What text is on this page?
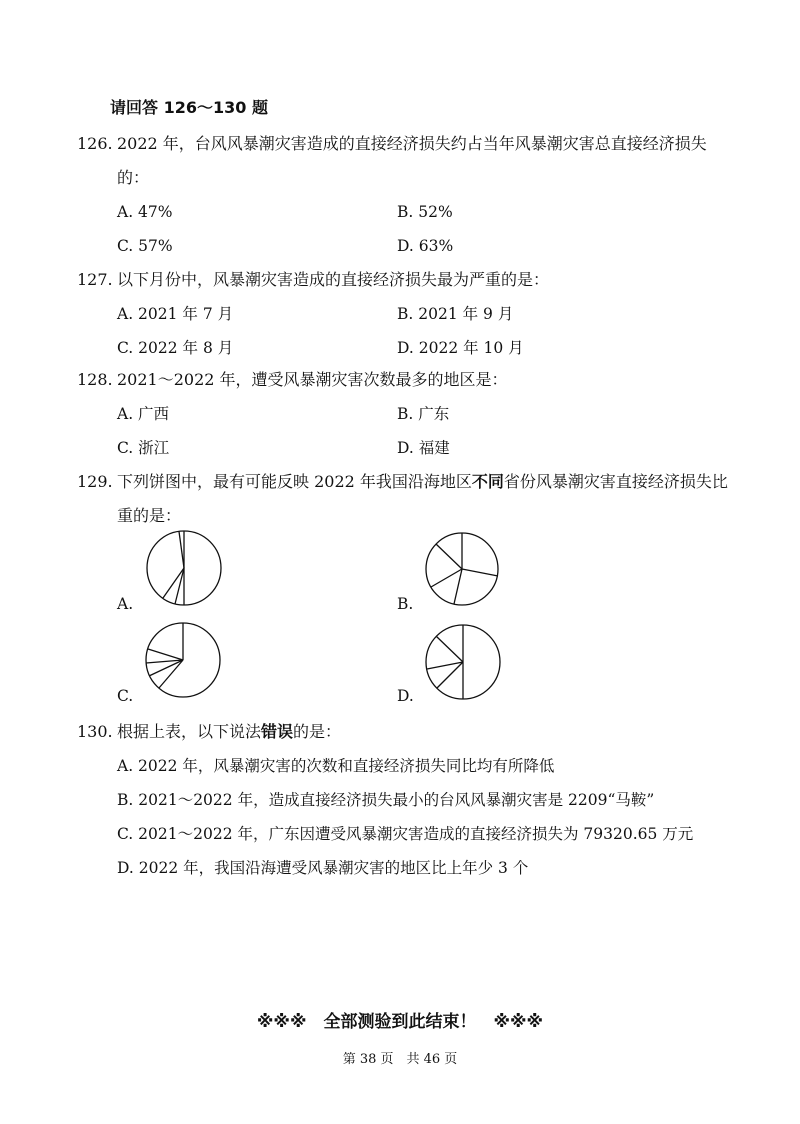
请回答 126～130 题
126. 2022 年，台风风暴潮灾害造成的直接经济损失约占当年风暴潮灾害总直接经济损失
的：
A. 47%	B. 52%
C. 57%	D. 63%
127. 以下月份中，风暴潮灾害造成的直接经济损失最为严重的是：
A. 2021 年 7 月	B. 2021 年 9 月
C. 2022 年 8 月	D. 2022 年 10 月
128. 2021～2022 年，遭受风暴潮灾害次数最多的地区是：
A. 广西	B. 广东
C. 浙江	D. 福建
129. 下列饼图中，最有可能反映 2022 年我国沿海地区不同省份风暴潮灾害直接经济损失比
重的是：
A.	B.
C.	D.
130. 根据上表，以下说法错误的是：
A. 2022 年，风暴潮灾害的次数和直接经济损失同比均有所降低
B. 2021～2022 年，造成直接经济损失最小的台风风暴潮灾害是 2209“马鞍”
C. 2021～2022 年，广东因遭受风暴潮灾害造成的直接经济损失为 79320.65 万元
D. 2022 年，我国沿海遭受风暴潮灾害的地区比上年少 3 个
※※※　全部测验到此结束！　※※※
第 38 页　共 46 页
